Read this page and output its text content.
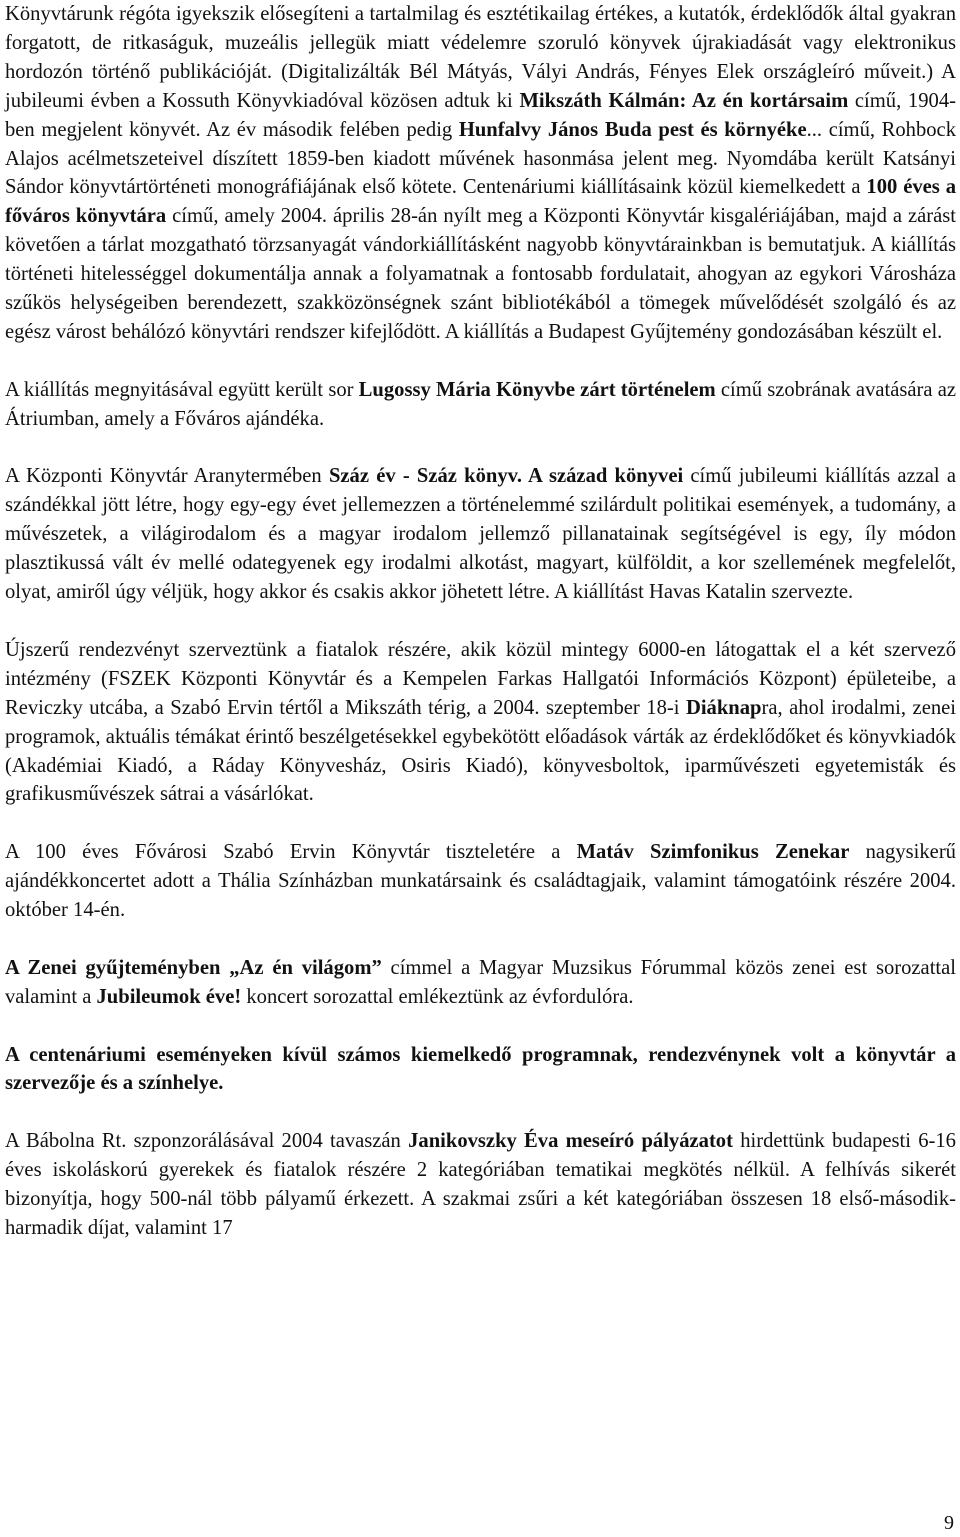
Könyvtárunk régóta igyekszik elősegíteni a tartalmilag és esztétikailag értékes, a kutatók, érdeklődők által gyakran forgatott, de ritkaságuk, muzeális jellegük miatt védelemre szoruló könyvek újrakiadását vagy elektronikus hordozón történő publikációját. (Digitalizálták Bél Mátyás, Vályi András, Fényes Elek országleíró műveit.) A jubileumi évben a Kossuth Könyvkiadóval közösen adtuk ki Mikszáth Kálmán: Az én kortársaim című, 1904-ben megjelent könyvét. Az év második felében pedig Hunfalvy János Buda pest és környéke... című, Rohbock Alajos acélmetszeteivel díszített 1859-ben kiadott művének hasonmása jelent meg. Nyomdába került Katsányi Sándor könyvtártörténeti monográfiájának első kötete. Centenáriumi kiállításaink közül kiemelkedett a 100 éves a főváros könyvtára című, amely 2004. április 28-án nyílt meg a Központi Könyvtár kisgalériájában, majd a zárást követően a tárlat mozgatható törzsanyagát vándorkiállításként nagyobb könyvtárainkban is bemutatjuk. A kiállítás történeti hitelességgel dokumentálja annak a folyamatnak a fontosabb fordulatait, ahogyan az egykori Városháza szűkös helységeiben berendezett, szakközönségnek szánt bibliotékából a tömegek művelődését szolgáló és az egész várost behálózó könyvtári rendszer kifejlődött. A kiállítás a Budapest Gyűjtemény gondozásában készült el.

A kiállítás megnyitásával együtt került sor Lugossy Mária Könyvbe zárt történelem című szobrának avatására az Átriumban, amely a Főváros ajándéka.

A Központi Könyvtár Aranytermében Száz év - Száz könyv. A század könyvei című jubileumi kiállítás azzal a szándékkal jött létre, hogy egy-egy évet jellemezzen a történelemmé szilárdult politikai események, a tudomány, a művészetek, a világirodalom és a magyar irodalom jellemző pillanatainak segítségével is egy, íly módon plasztikussá vált év mellé odategyenek egy irodalmi alkotást, magyart, külföldit, a kor szellemének megfelelőt, olyat, amiről úgy véljük, hogy akkor és csakis akkor jöhetett létre. A kiállítást Havas Katalin szervezte.

Újszerű rendezvényt szerveztünk a fiatalok részére, akik közül mintegy 6000-en látogattak el a két szervező intézmény (FSZEK Központi Könyvtár és a Kempelen Farkas Hallgatói Információs Központ) épületeibe, a Reviczky utcába, a Szabó Ervin tértől a Mikszáth térig, a 2004. szeptember 18-i Diáknapra, ahol irodalmi, zenei programok, aktuális témákat érintő beszélgetésekkel egybekötött előadások várták az érdeklődőket és könyvkiadók (Akadémiai Kiadó, a Ráday Könyvesház, Osiris Kiadó), könyvesboltok, iparművészeti egyetemisták és grafikusművészek sátrai a vásárlókat.

A 100 éves Fővárosi Szabó Ervin Könyvtár tiszteletére a Matáv Szimfonikus Zenekar nagysikerű ajándékkoncertet adott a Thália Színházban munkatársaink és családtagjaik, valamint támogatóink részére 2004. október 14-én.

A Zenei gyűjteményben „Az én világom” címmel a Magyar Muzsikus Fórummal közös zenei est sorozattal valamint a Jubileumok éve! koncert sorozattal emlékeztünk az évfordulóra.

A centenáriumi eseményeken kívül számos kiemelkedő programnak, rendezvénynek volt a könyvtár a szervezője és a színhelye.

A Bábolna Rt. szponzorálásával 2004 tavaszán Janikovszky Éva meseíró pályázatot hirdettünk budapesti 6-16 éves iskoláskorú gyerekek és fiatalok részére 2 kategóriában tematikai megkötés nélkül. A felhívás sikerét bizonyítja, hogy 500-nál több pályamű érkezett. A szakmai zsűri a két kategóriában összesen 18 első-második-harmadik díjat, valamint 17

9
